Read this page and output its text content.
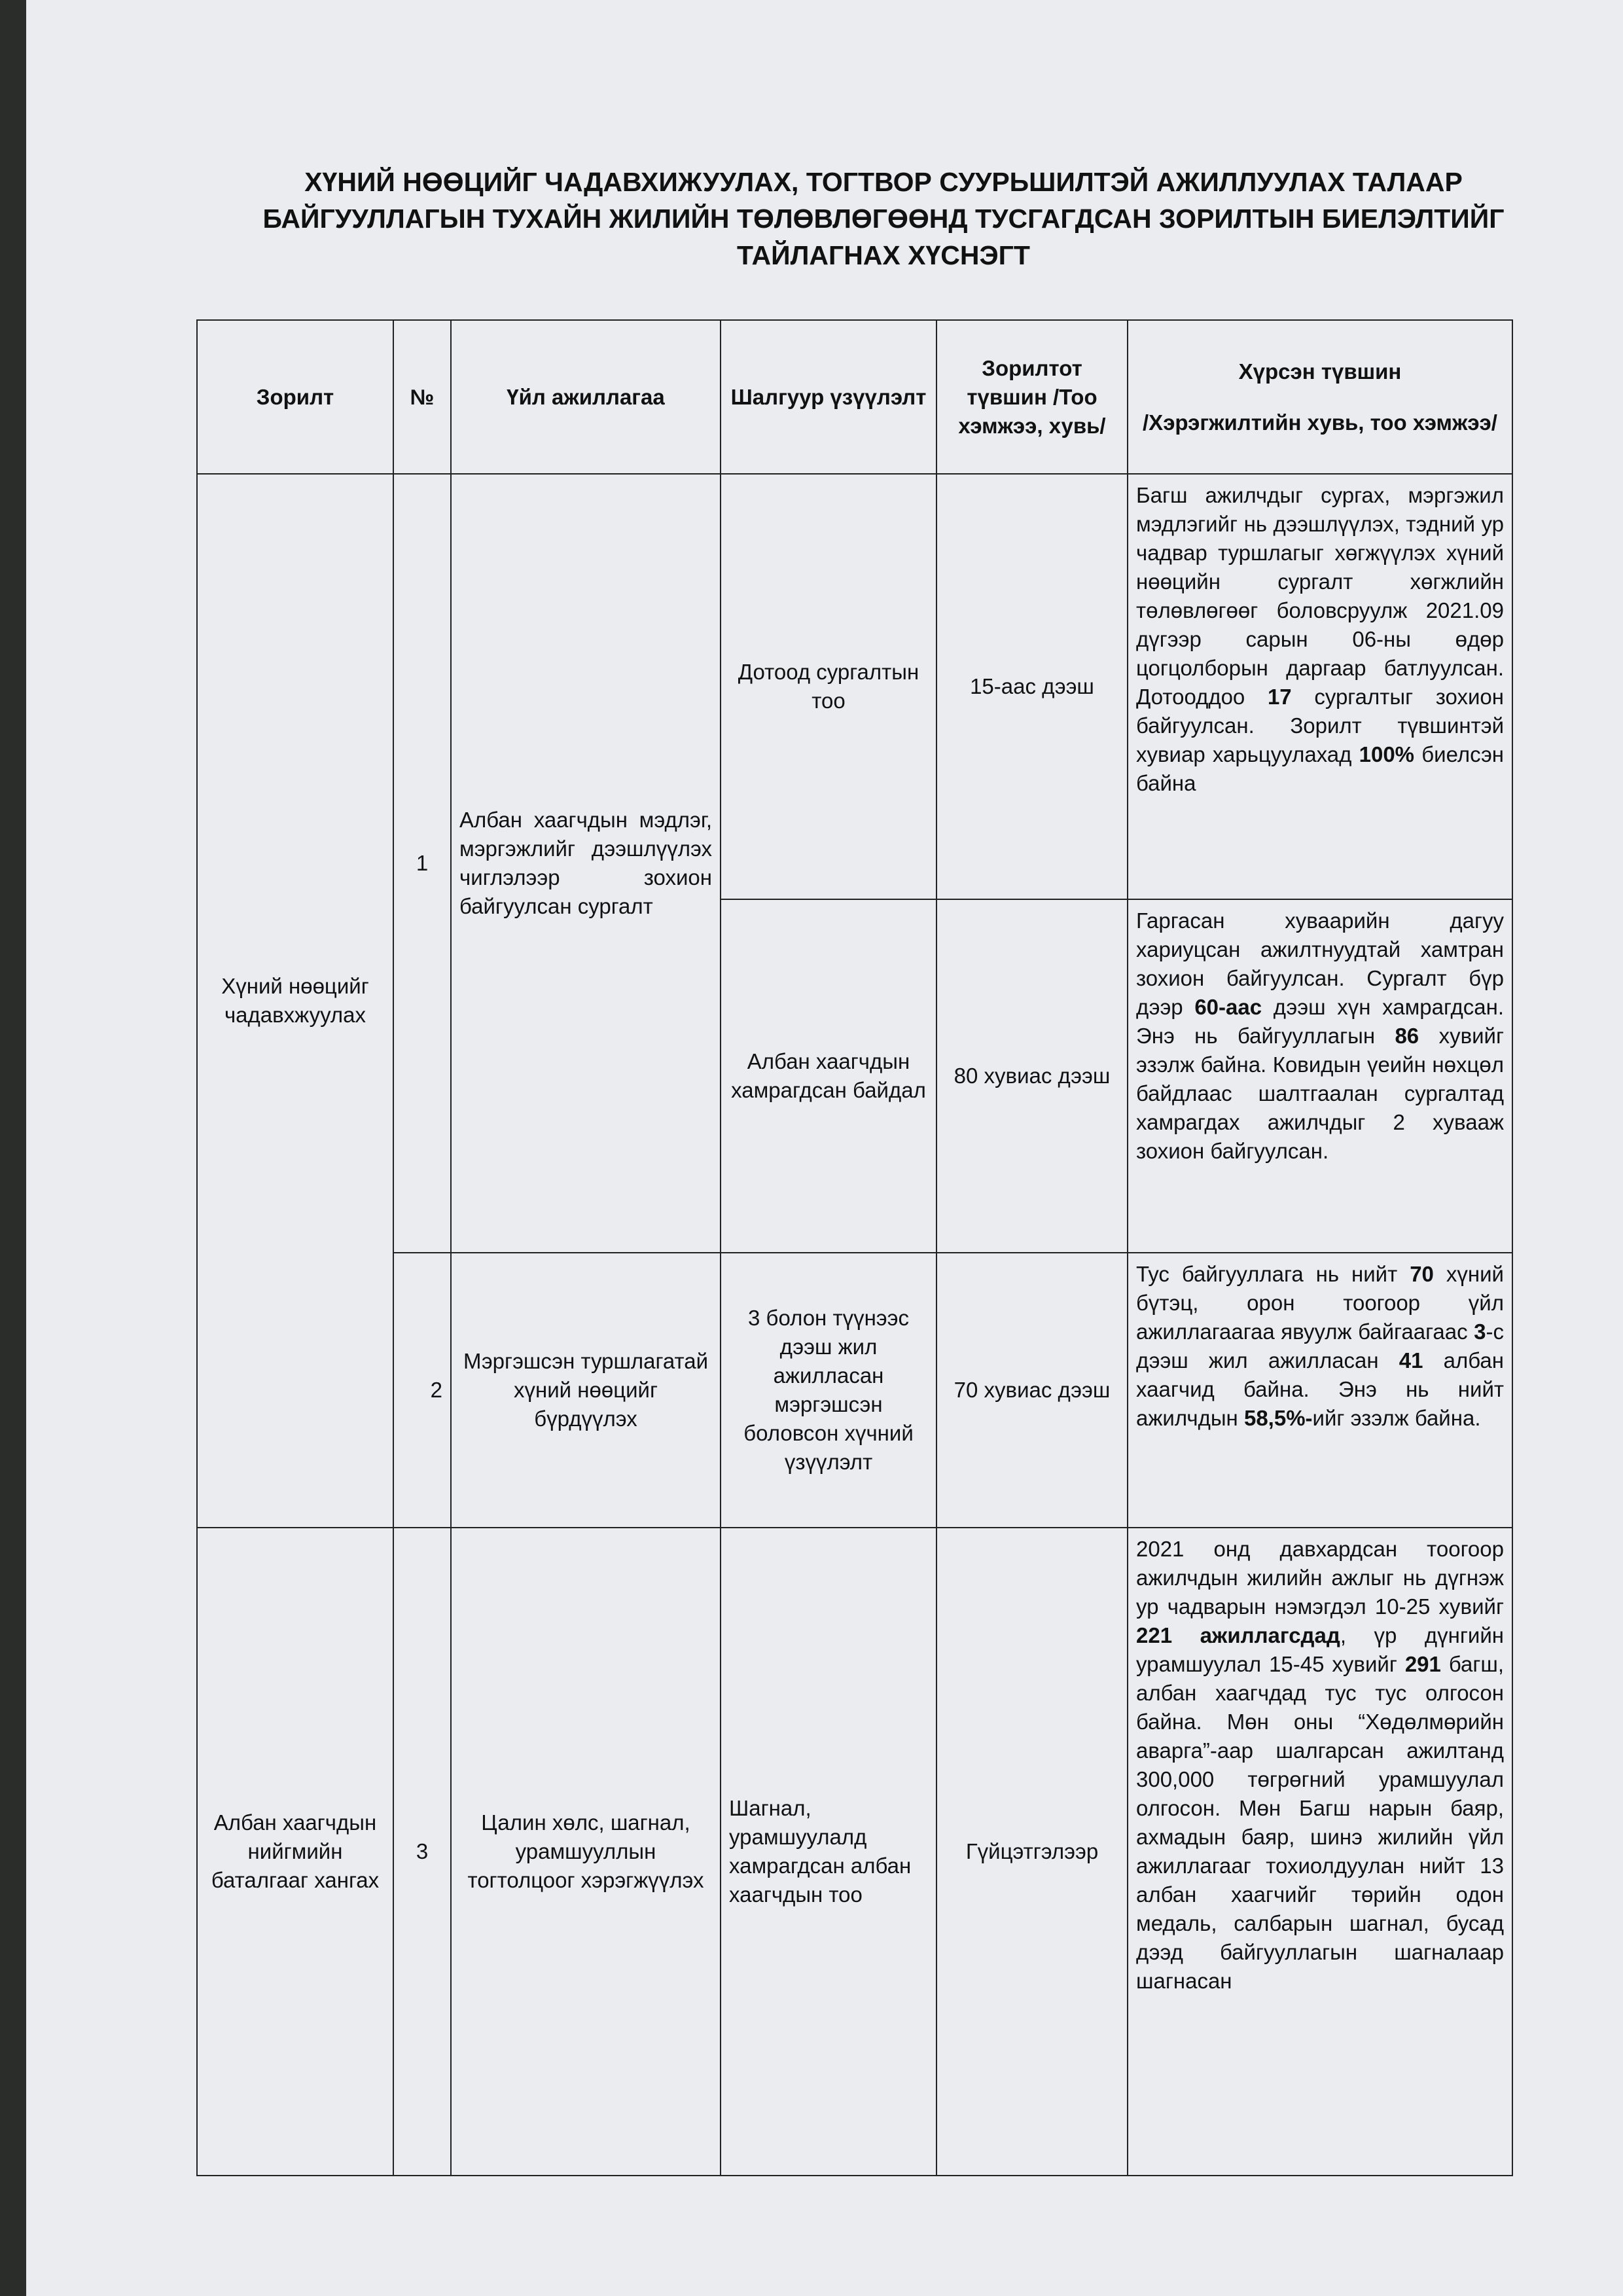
ХҮНИЙ НӨӨЦИЙГ ЧАДАВХИЖУУЛАХ, ТОГТВОР СУУРЬШИЛТЭЙ АЖИЛЛУУЛАХ ТАЛААР БАЙГУУЛЛАГЫН ТУХАЙН ЖИЛИЙН ТӨЛӨВЛӨГӨӨНД ТУСГАГДСАН ЗОРИЛТЫН БИЕЛЭЛТИЙГ ТАЙЛАГНАХ ХҮСНЭГТ
Зорилт	№	Үйл ажиллагаа	Шалгуур үзүүлэлт	Зорилтот түвшин /Тоо хэмжээ, хувь/	Хүрсэн түвшин
/Хэрэгжилтийн хувь, тоо хэмжээ/

Хүний нөөцийг чадавхжуулах	1	Албан хаагчдын мэдлэг, мэргэжлийг дээшлүүлэх чиглэлээр зохион байгуулсан сургалт	Дотоод сургалтын тоо	15-аас дээш	Багш ажилчдыг сургах, мэргэжил мэдлэгийг нь дээшлүүлэх, тэдний ур чадвар туршлагыг хөгжүүлэх хүний нөөцийн сургалт хөгжлийн төлөвлөгөөг боловсруулж 2021.09 дүгээр сарын 06-ны өдөр цогцолборын даргаар батлуулсан. Дотооддоо 17 сургалтыг зохион байгуулсан. Зорилт түвшинтэй хувиар харьцуулахад 100% биелсэн байна
			Албан хаагчдын хамрагдсан байдал	80 хувиас дээш	Гаргасан хуваарийн дагуу хариуцсан ажилтнуудтай хамтран зохион байгуулсан. Сургалт бүр дээр 60-аас дээш хүн хамрагдсан. Энэ нь байгууллагын 86 хувийг эзэлж байна. Ковидын үеийн нөхцөл байдлаас шалтгаалан сургалтад хамрагдах ажилчдыг 2 хувааж зохион байгуулсан.
	2	Мэргэшсэн туршлагатай хүний нөөцийг бүрдүүлэх	3 болон түүнээс дээш жил ажилласан мэргэшсэн боловсон хүчний үзүүлэлт	70 хувиас дээш	Тус байгууллага нь нийт 70 хүний бүтэц, орон тоогоор үйл ажиллагаагаа явуулж байгаагаас 3-с дээш жил ажилласан 41 албан хаагчид байна. Энэ нь нийт ажилчдын 58,5%-ийг эзэлж байна.
Албан хаагчдын нийгмийн баталгааг хангах	3	Цалин хөлс, шагнал, урамшууллын тогтолцоог хэрэгжүүлэх	Шагнал, урамшуулалд хамрагдсан албан хаагчдын тоо	Гүйцэтгэлээр	2021 онд давхардсан тоогоор ажилчдын жилийн ажлыг нь дүгнэж ур чадварын нэмэгдэл 10-25 хувийг 221 ажиллагсдад, үр дүнгийн урамшуулал 15-45 хувийг 291 багш, албан хаагчдад тус тус олгосон байна. Мөн оны “Хөдөлмөрийн аварга”-аар шалгарсан ажилтанд 300,000 төгрөгний урамшуулал олгосон. Мөн Багш нарын баяр, ахмадын баяр, шинэ жилийн үйл ажиллагааг тохиолдуулан нийт 13 албан хаагчийг төрийн одон медаль, салбарын шагнал, бусад дээд байгууллагын шагналаар шагнасан
